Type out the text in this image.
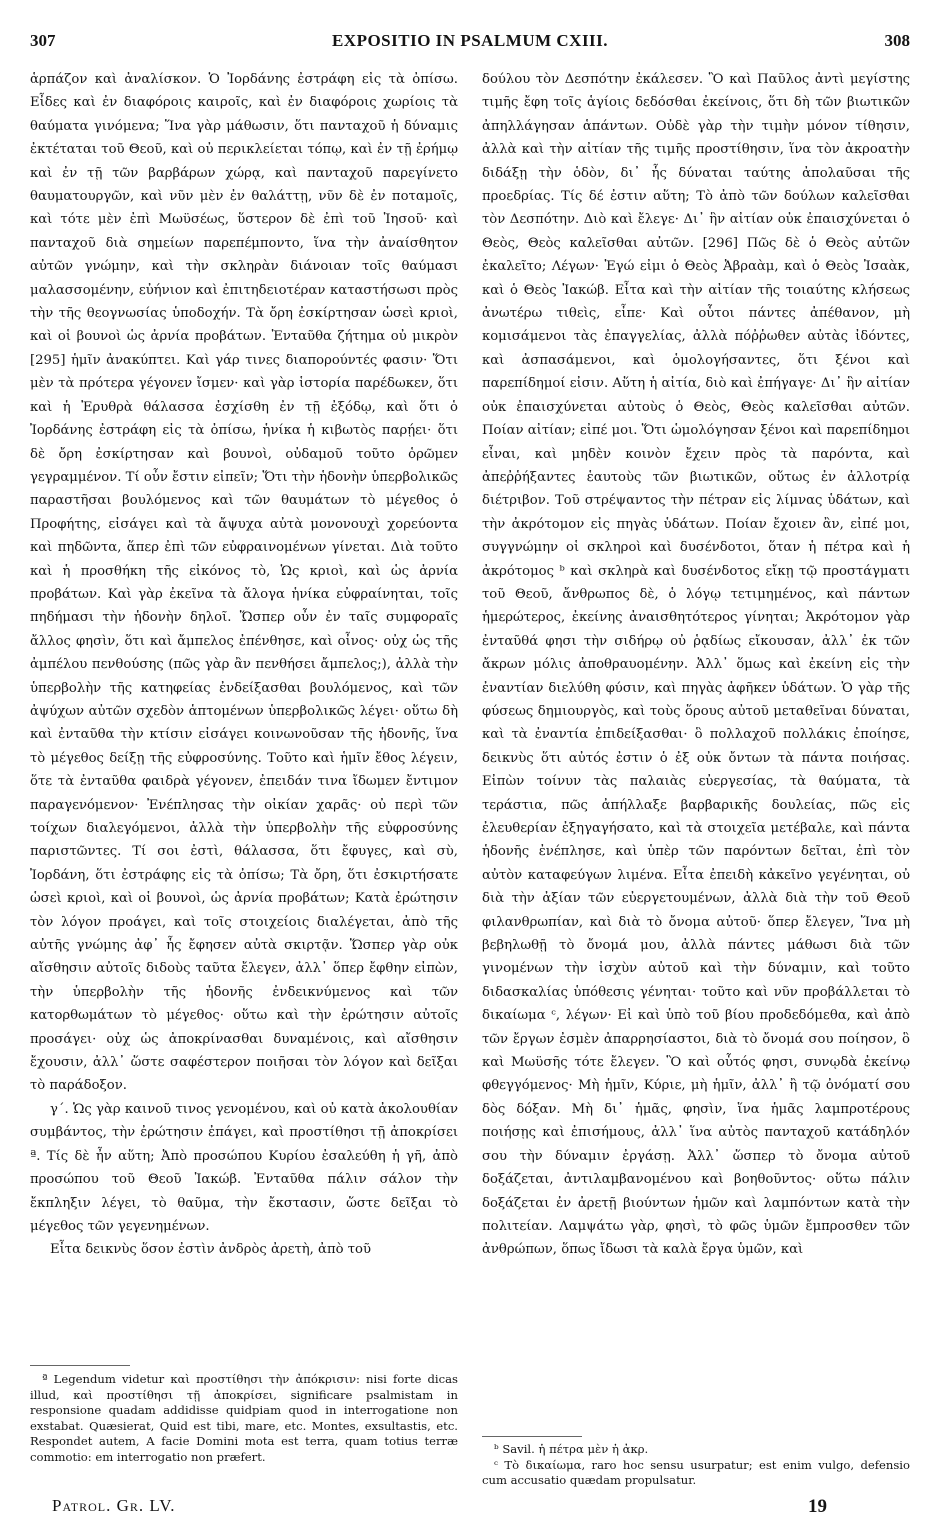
307	EXPOSITIO IN PSALMUM CXIII.	308

ἁρπάζον καὶ ἀναλίσκον. Ὁ Ἰορδάνης ἐστράφη εἰς τὰ ὀπίσω. Εἶδες καὶ ἐν διαφόροις καιροῖς, καὶ ἐν διαφόροις χωρίοις τὰ θαύματα γινόμενα; Ἵνα γὰρ μάθωσιν, ὅτι πανταχοῦ ἡ δύναμις ἐκτέταται τοῦ Θεοῦ, καὶ οὐ περικλείεται τόπῳ, καὶ ἐν τῇ ἐρήμῳ καὶ ἐν τῇ τῶν βαρβάρων χώρᾳ, καὶ πανταχοῦ παρεγίνετο θαυματουργῶν, καὶ νῦν μὲν ἐν θαλάττῃ, νῦν δὲ ἐν ποταμοῖς, καὶ τότε μὲν ἐπὶ Μωϋσέως, ὕστερον δὲ ἐπὶ τοῦ Ἰησοῦ· καὶ πανταχοῦ διὰ σημείων παρεπέμποντο, ἵνα τὴν ἀναίσθητον αὐτῶν γνώμην, καὶ τὴν σκληρὰν διάνοιαν τοῖς θαύμασι μαλασσομένην, εὐήνιον καὶ ἐπιτηδειοτέραν καταστήσωσι πρὸς τὴν τῆς θεογνωσίας ὑποδοχήν. Τὰ ὄρη ἐσκίρτησαν ὡσεὶ κριοὶ, καὶ οἱ βουνοὶ ὡς ἀρνία προβάτων. Ἐνταῦθα ζήτημα οὐ μικρὸν [295] ἡμῖν ἀνακύπτει. Καὶ γάρ τινες διαπορούντές φασιν· Ὅτι μὲν τὰ πρότερα γέγονεν ἴσμεν· καὶ γὰρ ἱστορία παρέδωκεν, ὅτι καὶ ἡ Ἐρυθρὰ θάλασσα ἐσχίσθη ἐν τῇ ἐξόδῳ, καὶ ὅτι ὁ Ἰορδάνης ἐστράφη εἰς τὰ ὀπίσω, ἡνίκα ἡ κιβωτὸς παρῄει· ὅτι δὲ ὄρη ἐσκίρτησαν καὶ βουνοὶ, οὐδαμοῦ τοῦτο ὁρῶμεν γεγραμμένον. Τί οὖν ἔστιν εἰπεῖν; Ὅτι τὴν ἡδονὴν ὑπερβολικῶς παραστῆσαι βουλόμενος καὶ τῶν θαυμάτων τὸ μέγεθος ὁ Προφήτης, εἰσάγει καὶ τὰ ἄψυχα αὐτὰ μονονουχὶ χορεύοντα καὶ πηδῶντα, ἅπερ ἐπὶ τῶν εὐφραινομένων γίνεται. Διὰ τοῦτο καὶ ἡ προσθήκη τῆς εἰκόνος τὸ, Ὡς κριοὶ, καὶ ὡς ἀρνία προβάτων. Καὶ γὰρ ἐκεῖνα τὰ ἄλογα ἡνίκα εὐφραίνηται, τοῖς πηδήμασι τὴν ἡδονὴν δηλοῖ. Ὥσπερ οὖν ἐν ταῖς συμφοραῖς ἄλλος φησὶν, ὅτι καὶ ἄμπελος ἐπένθησε, καὶ οἶνος· οὐχ ὡς τῆς ἀμπέλου πενθούσης (πῶς γὰρ ἂν πενθήσει ἄμπελος;), ἀλλὰ τὴν ὑπερβολὴν τῆς κατηφείας ἐνδείξασθαι βουλόμενος, καὶ τῶν ἀψύχων αὐτῶν σχεδὸν ἁπτομένων ὑπερβολικῶς λέγει· οὕτω δὴ καὶ ἐνταῦθα τὴν κτίσιν εἰσάγει κοινωνοῦσαν τῆς ἡδονῆς, ἵνα τὸ μέγεθος δείξῃ τῆς εὐφροσύνης. Τοῦτο καὶ ἡμῖν ἔθος λέγειν, ὅτε τὰ ἐνταῦθα φαιδρὰ γέγονεν, ἐπειδάν τινα ἴδωμεν ἔντιμον παραγενόμενον· Ἐνέπλησας τὴν οἰκίαν χαρᾶς· οὐ περὶ τῶν τοίχων διαλεγόμενοι, ἀλλὰ τὴν ὑπερβολὴν τῆς εὐφροσύνης παριστῶντες. Τί σοι ἐστὶ, θάλασσα, ὅτι ἔφυγες, καὶ σὺ, Ἰορδάνη, ὅτι ἐστράφης εἰς τὰ ὀπίσω; Τὰ ὄρη, ὅτι ἐσκιρτήσατε ὡσεὶ κριοὶ, καὶ οἱ βουνοὶ, ὡς ἀρνία προβάτων; Κατὰ ἐρώτησιν τὸν λόγον προάγει, καὶ τοῖς στοιχείοις διαλέγεται, ἀπὸ τῆς αὐτῆς γνώμης ἀφ᾽ ἧς ἔφησεν αὐτὰ σκιρτᾷν. Ὥσπερ γὰρ οὐκ αἴσθησιν αὐτοῖς διδοὺς ταῦτα ἔλεγεν, ἀλλ᾽ ὅπερ ἔφθην εἰπὼν, τὴν ὑπερβολὴν τῆς ἡδονῆς ἐνδεικνύμενος καὶ τῶν κατορθωμάτων τὸ μέγεθος· οὕτω καὶ τὴν ἐρώτησιν αὐτοῖς προσάγει· οὐχ ὡς ἀποκρίνασθαι δυναμένοις, καὶ αἴσθησιν ἔχουσιν, ἀλλ᾽ ὥστε σαφέστερον ποιῆσαι τὸν λόγον καὶ δεῖξαι τὸ παράδοξον.

γ΄. Ὡς γὰρ καινοῦ τινος γενομένου, καὶ οὐ κατὰ ἀκολουθίαν συμβάντος, τὴν ἐρώτησιν ἐπάγει, καὶ προστίθησι τῇ ἀποκρίσει ª. Τίς δὲ ἦν αὕτη; Ἀπὸ προσώπου Κυρίου ἐσαλεύθη ἡ γῆ, ἀπὸ προσώπου τοῦ Θεοῦ Ἰακώβ. Ἐνταῦθα πάλιν σάλον τὴν ἔκπληξιν λέγει, τὸ θαῦμα, τὴν ἔκστασιν, ὥστε δεῖξαι τὸ μέγεθος τῶν γεγενημένων.

Εἶτα δεικνὺς ὅσον ἐστὶν ἀνδρὸς ἀρετὴ, ἀπὸ τοῦ

δούλου τὸν Δεσπότην ἐκάλεσεν. Ὃ καὶ Παῦλος ἀντὶ μεγίστης τιμῆς ἔφη τοῖς ἁγίοις δεδόσθαι ἐκείνοις, ὅτι δὴ τῶν βιωτικῶν ἀπηλλάγησαν ἁπάντων. Οὐδὲ γὰρ τὴν τιμὴν μόνον τίθησιν, ἀλλὰ καὶ τὴν αἰτίαν τῆς τιμῆς προστίθησιν, ἵνα τὸν ἀκροατὴν διδάξῃ τὴν ὁδὸν, δι᾽ ἧς δύναται ταύτης ἀπολαῦσαι τῆς προεδρίας. Τίς δέ ἐστιν αὕτη; Τὸ ἀπὸ τῶν δούλων καλεῖσθαι τὸν Δεσπότην. Διὸ καὶ ἔλεγε· Δι᾽ ἣν αἰτίαν οὐκ ἐπαισχύνεται ὁ Θεὸς, Θεὸς καλεῖσθαι αὐτῶν. [296] Πῶς δὲ ὁ Θεὸς αὐτῶν ἐκαλεῖτο; Λέγων· Ἐγώ εἰμι ὁ Θεὸς Ἀβραὰμ, καὶ ὁ Θεὸς Ἰσαὰκ, καὶ ὁ Θεὸς Ἰακώβ. Εἶτα καὶ τὴν αἰτίαν τῆς τοιαύτης κλήσεως ἀνωτέρω τιθεὶς, εἶπε· Καὶ οὗτοι πάντες ἀπέθανον, μὴ κομισάμενοι τὰς ἐπαγγελίας, ἀλλὰ πόῤῥωθεν αὐτὰς ἰδόντες, καὶ ἀσπασάμενοι, καὶ ὁμολογήσαντες, ὅτι ξένοι καὶ παρεπίδημοί εἰσιν. Αὕτη ἡ αἰτία, διὸ καὶ ἐπήγαγε· Δι᾽ ἣν αἰτίαν οὐκ ἐπαισχύνεται αὐτοὺς ὁ Θεὸς, Θεὸς καλεῖσθαι αὐτῶν. Ποίαν αἰτίαν; εἰπέ μοι. Ὅτι ὡμολόγησαν ξένοι καὶ παρεπίδημοι εἶναι, καὶ μηδὲν κοινὸν ἔχειν πρὸς τὰ παρόντα, καὶ ἀπεῤῥήξαντες ἑαυτοὺς τῶν βιωτικῶν, οὕτως ἐν ἀλλοτρίᾳ διέτριβον. Τοῦ στρέψαντος τὴν πέτραν εἰς λίμνας ὑδάτων, καὶ τὴν ἀκρότομον εἰς πηγὰς ὑδάτων. Ποίαν ἔχοιεν ἂν, εἰπέ μοι, συγγνώμην οἱ σκληροὶ καὶ δυσένδοτοι, ὅταν ἡ πέτρα καὶ ἡ ἀκρότομος ᵇ καὶ σκληρὰ καὶ δυσένδοτος εἴκῃ τῷ προστάγματι τοῦ Θεοῦ, ἄνθρωπος δὲ, ὁ λόγῳ τετιμημένος, καὶ πάντων ἡμερώτερος, ἐκείνης ἀναισθητότερος γίνηται; Ἀκρότομον γὰρ ἐνταῦθά φησι τὴν σιδήρῳ οὐ ῥᾳδίως εἴκουσαν, ἀλλ᾽ ἐκ τῶν ἄκρων μόλις ἀποθραυομένην. Ἀλλ᾽ ὅμως καὶ ἐκείνη εἰς τὴν ἐναντίαν διελύθη φύσιν, καὶ πηγὰς ἀφῆκεν ὑδάτων. Ὁ γὰρ τῆς φύσεως δημιουργὸς, καὶ τοὺς ὅρους αὐτοῦ μεταθεῖναι δύναται, καὶ τὰ ἐναντία ἐπιδείξασθαι· ὃ πολλαχοῦ πολλάκις ἐποίησε, δεικνὺς ὅτι αὐτός ἐστιν ὁ ἐξ οὐκ ὄντων τὰ πάντα ποιήσας. Εἰπὼν τοίνυν τὰς παλαιὰς εὐεργεσίας, τὰ θαύματα, τὰ τεράστια, πῶς ἀπήλλαξε βαρβαρικῆς δουλείας, πῶς εἰς ἐλευθερίαν ἐξηγαγήσατο, καὶ τὰ στοιχεῖα μετέβαλε, καὶ πάντα ἡδονῆς ἐνέπλησε, καὶ ὑπὲρ τῶν παρόντων δεῖται, ἐπὶ τὸν αὐτὸν καταφεύγων λιμένα. Εἶτα ἐπειδὴ κἀκεῖνο γεγένηται, οὐ διὰ τὴν ἀξίαν τῶν εὐεργετουμένων, ἀλλὰ διὰ τὴν τοῦ Θεοῦ φιλανθρωπίαν, καὶ διὰ τὸ ὄνομα αὐτοῦ· ὅπερ ἔλεγεν, Ἵνα μὴ βεβηλωθῇ τὸ ὄνομά μου, ἀλλὰ πάντες μάθωσι διὰ τῶν γινομένων τὴν ἰσχὺν αὐτοῦ καὶ τὴν δύναμιν, καὶ τοῦτο διδασκαλίας ὑπόθεσις γένηται· τοῦτο καὶ νῦν προβάλλεται τὸ δικαίωμα ᶜ, λέγων· Εἰ καὶ ὑπὸ τοῦ βίου προδεδόμεθα, καὶ ἀπὸ τῶν ἔργων ἐσμὲν ἀπαρρησίαστοι, διὰ τὸ ὄνομά σου ποίησον, ὃ καὶ Μωϋσῆς τότε ἔλεγεν. Ὃ καὶ οὗτός φησι, συνῳδὰ ἐκείνῳ φθεγγόμενος· Μὴ ἡμῖν, Κύριε, μὴ ἡμῖν, ἀλλ᾽ ἢ τῷ ὀνόματί σου δὸς δόξαν. Μὴ δι᾽ ἡμᾶς, φησὶν, ἵνα ἡμᾶς λαμπροτέρους ποιήσῃς καὶ ἐπισήμους, ἀλλ᾽ ἵνα αὐτὸς πανταχοῦ κατάδηλόν σου τὴν δύναμιν ἐργάσῃ. Ἀλλ᾽ ὥσπερ τὸ ὄνομα αὐτοῦ δοξάζεται, ἀντιλαμβανομένου καὶ βοηθοῦντος· οὕτω πάλιν δοξάζεται ἐν ἀρετῇ βιούντων ἡμῶν καὶ λαμπόντων κατὰ τὴν πολιτείαν. Λαμψάτω γὰρ, φησὶ, τὸ φῶς ὑμῶν ἔμπροσθεν τῶν ἀνθρώπων, ὅπως ἴδωσι τὰ καλὰ ἔργα ὑμῶν, καὶ

ª Legendum videtur καὶ προστίθησι τὴν ἀπόκρισιν: nisi forte dicas illud, καὶ προστίθησι τῇ ἀποκρίσει, significare psalmistam in responsione quadam addidisse quidpiam quod in interrogatione non exstabat. Quæsierat, Quid est tibi, mare, etc. Montes, exsultastis, etc. Respondet autem, A facie Domini mota est terra, quam totius terræ commotio: em interrogatio non præfert.

ᵇ Savil. ἡ πέτρα μὲν ἡ ἀκρ.

ᶜ Τὸ δικαίωμα, raro hoc sensu usurpatur; est enim vulgo, defensio cum accusatio quædam propulsatur.

Patrol. Gr. LV.	19
